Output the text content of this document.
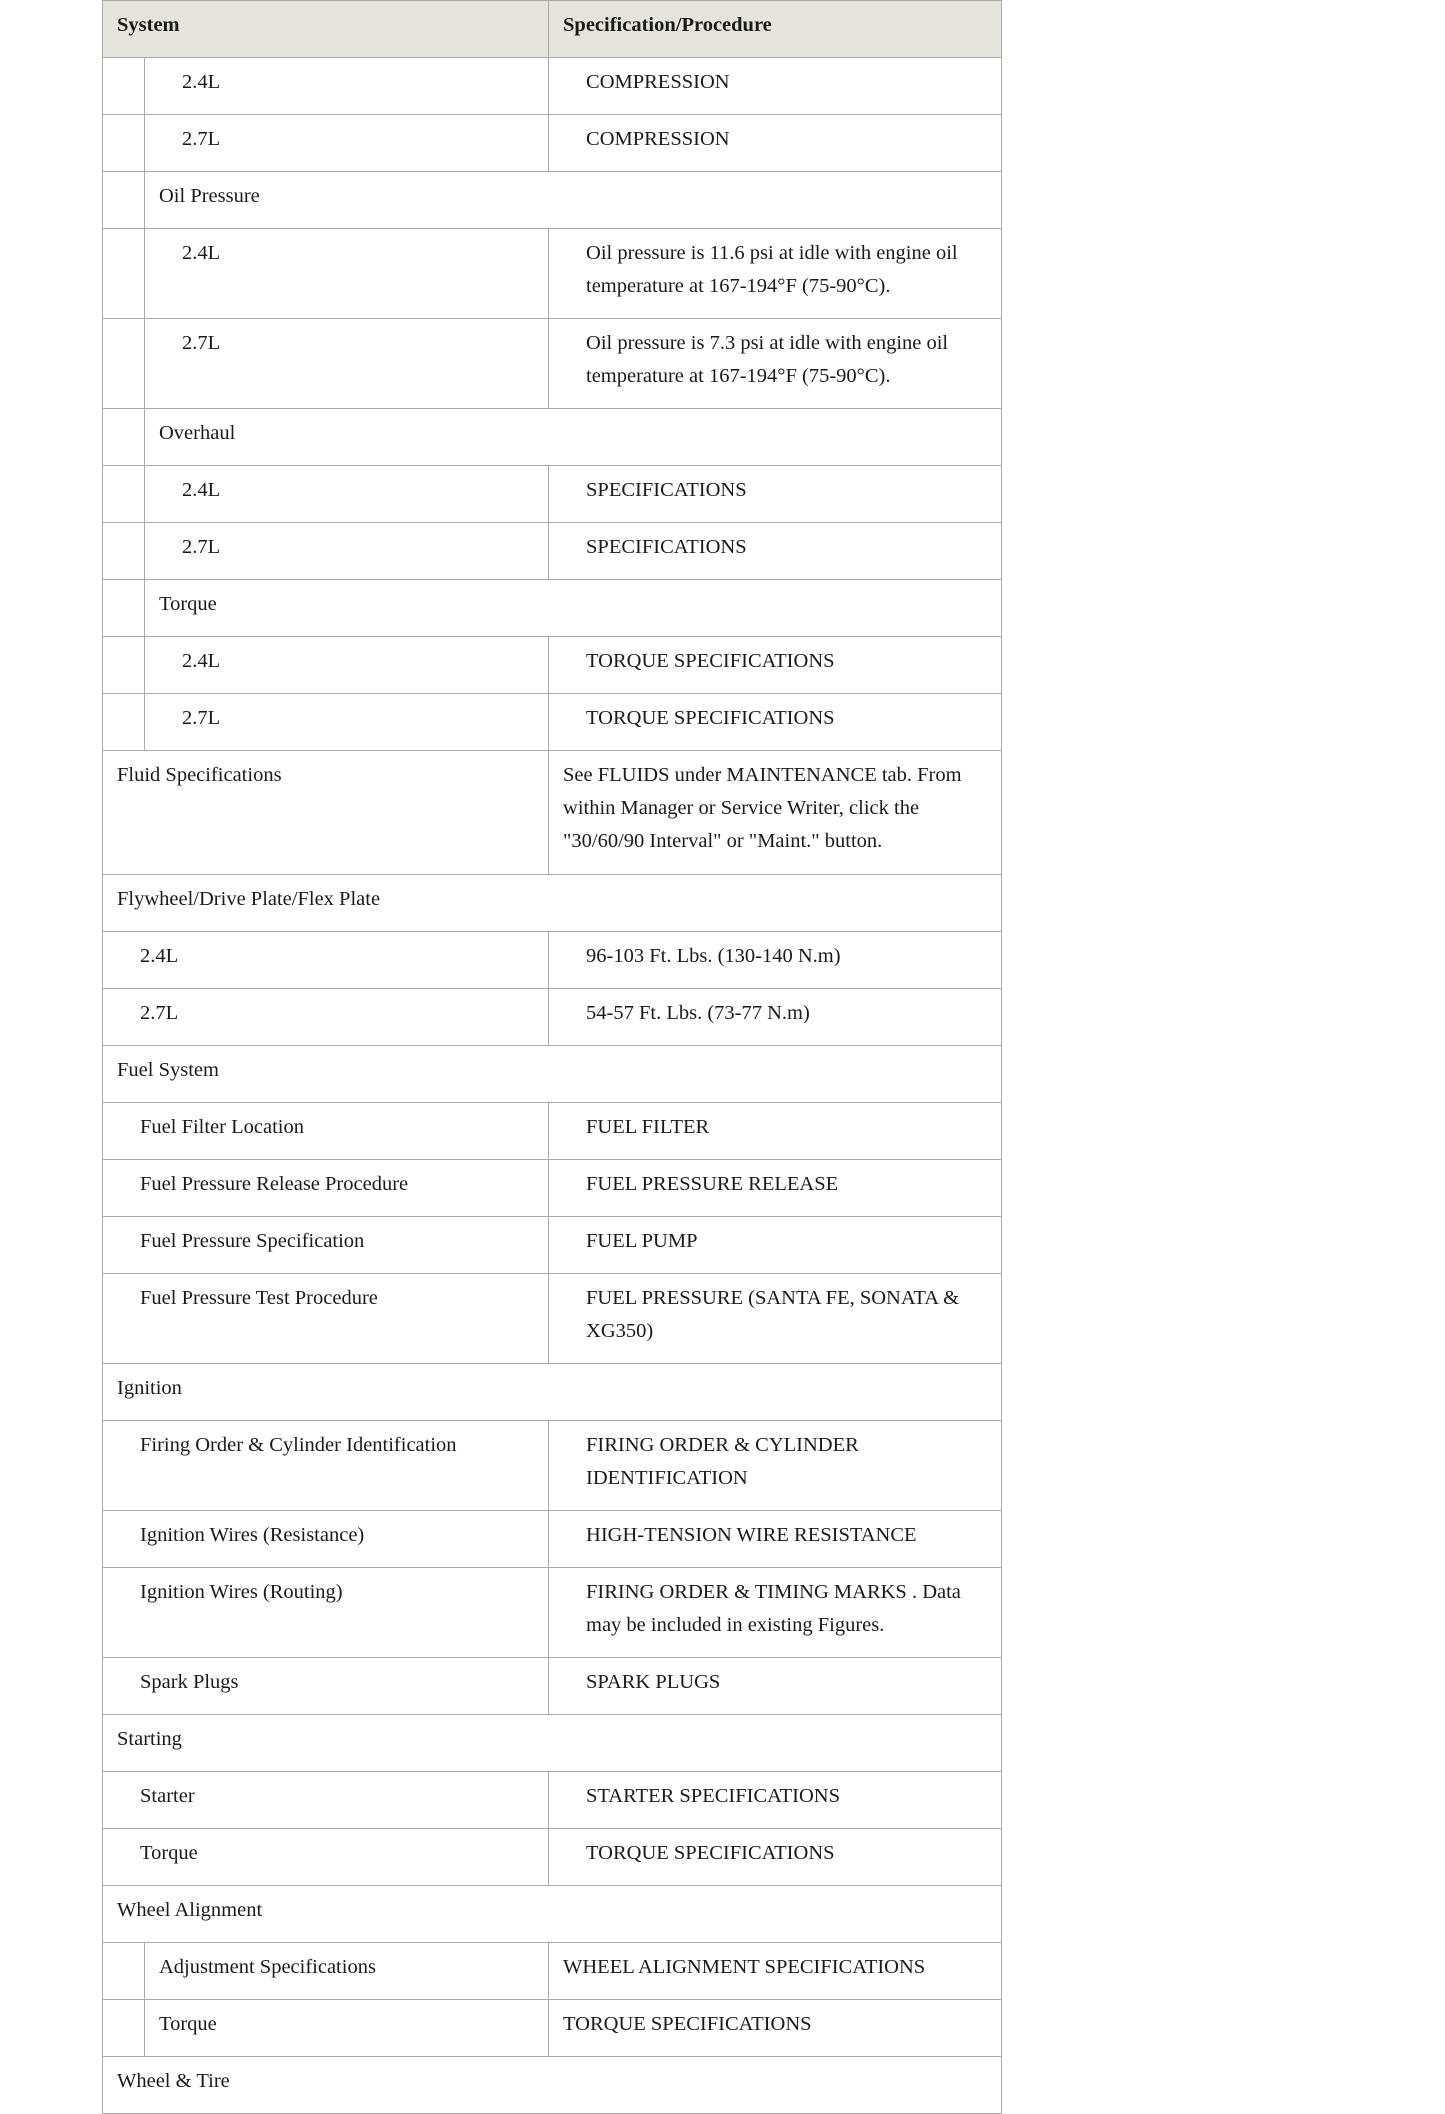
System		Specification/Procedure
	2.4L	COMPRESSION
	2.7L	COMPRESSION
	Oil Pressure	
	2.4L	Oil pressure is 11.6 psi at idle with engine oil temperature at 167-194°F (75-90°C).
	2.7L	Oil pressure is 7.3 psi at idle with engine oil temperature at 167-194°F (75-90°C).
	Overhaul	
	2.4L	SPECIFICATIONS
	2.7L	SPECIFICATIONS
	Torque	
	2.4L	TORQUE SPECIFICATIONS
	2.7L	TORQUE SPECIFICATIONS
Fluid Specifications		See FLUIDS under MAINTENANCE tab. From within Manager or Service Writer, click the "30/60/90 Interval" or "Maint." button.
Flywheel/Drive Plate/Flex Plate		
2.4L		96-103 Ft. Lbs. (130-140 N.m)
2.7L		54-57 Ft. Lbs. (73-77 N.m)
Fuel System		
Fuel Filter Location		FUEL FILTER
Fuel Pressure Release Procedure		FUEL PRESSURE RELEASE
Fuel Pressure Specification		FUEL PUMP
Fuel Pressure Test Procedure		FUEL PRESSURE (SANTA FE, SONATA & XG350)
Ignition		
Firing Order & Cylinder Identification		FIRING ORDER & CYLINDER IDENTIFICATION
Ignition Wires (Resistance)		HIGH-TENSION WIRE RESISTANCE
Ignition Wires (Routing)		FIRING ORDER & TIMING MARKS . Data may be included in existing Figures.
Spark Plugs		SPARK PLUGS
Starting		
Starter		STARTER SPECIFICATIONS
Torque		TORQUE SPECIFICATIONS
Wheel Alignment		
	Adjustment Specifications	WHEEL ALIGNMENT SPECIFICATIONS
	Torque	TORQUE SPECIFICATIONS
Wheel & Tire		
